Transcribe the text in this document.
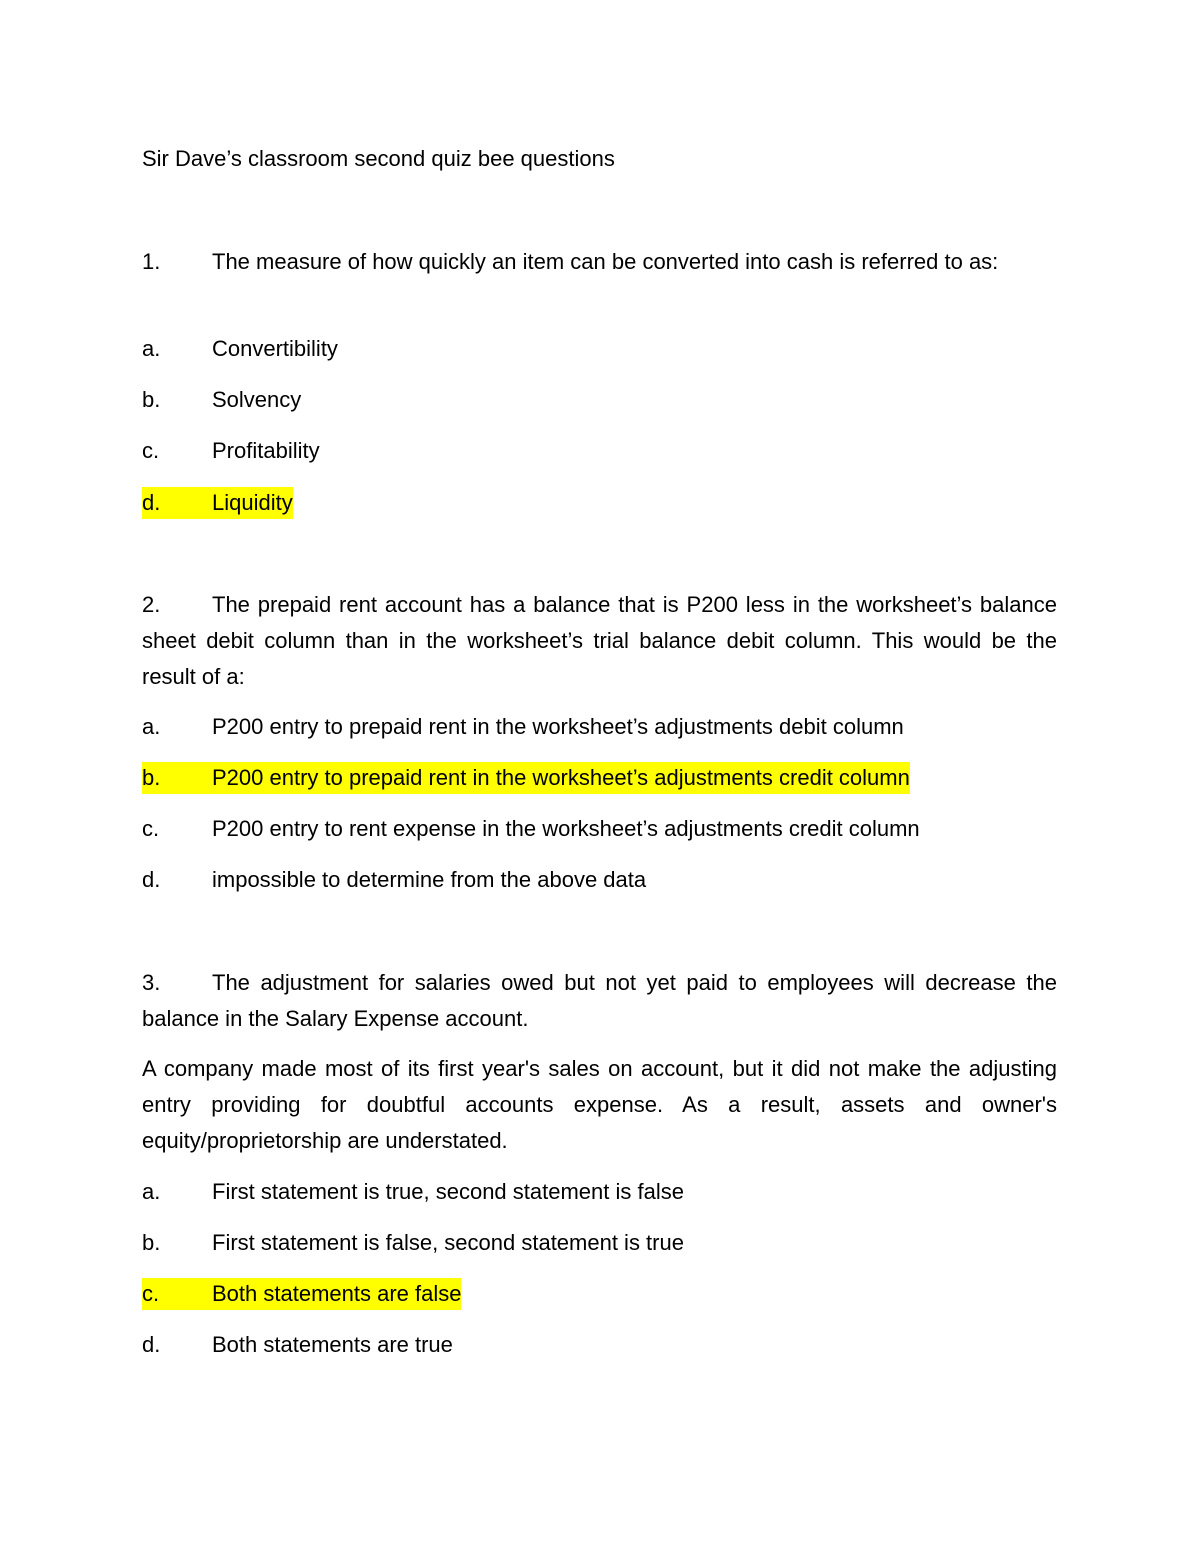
Sir Dave’s classroom second quiz bee questions
1. The measure of how quickly an item can be converted into cash is referred to as:
a. Convertibility
b. Solvency
c. Profitability
d. Liquidity
2. The prepaid rent account has a balance that is P200 less in the worksheet’s balance sheet debit column than in the worksheet’s trial balance debit column. This would be the result of a:
a. P200 entry to prepaid rent in the worksheet’s adjustments debit column
b. P200 entry to prepaid rent in the worksheet’s adjustments credit column
c. P200 entry to rent expense in the worksheet’s adjustments credit column
d. impossible to determine from the above data
3. The adjustment for salaries owed but not yet paid to employees will decrease the balance in the Salary Expense account.
A company made most of its first year's sales on account, but it did not make the adjusting entry providing for doubtful accounts expense. As a result, assets and owner's equity/proprietorship are understated.
a. First statement is true, second statement is false
b. First statement is false, second statement is true
c. Both statements are false
d. Both statements are true
